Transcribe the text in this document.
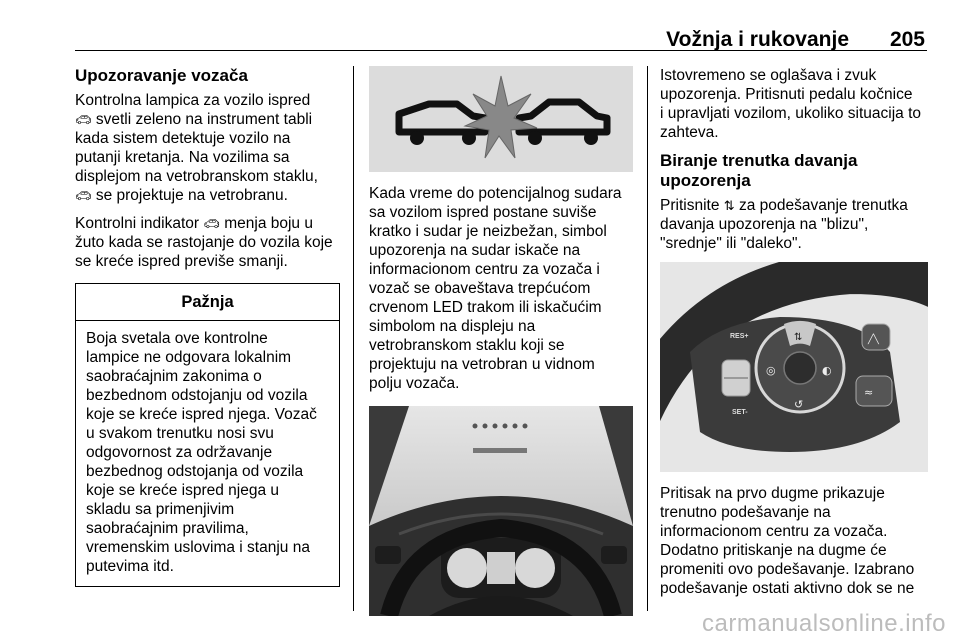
Vožnja i rukovanje 205
Upozoravanje vozača

Kontrolna lampica za vozilo ispred
🚗︎ svetli zeleno na instrument tabli
kada sistem detektuje vozilo na
putanji kretanja. Na vozilima sa
displejom na vetrobranskom staklu,
🚗︎ se projektuje na vetrobranu.

Kontrolni indikator 🚗︎ menja boju u
žuto kada se rastojanje do vozila koje
se kreće ispred previše smanji.

Pažnja
Boja svetala ove kontrolne
lampice ne odgovara lokalnim
saobraćajnim zakonima o
bezbednom odstojanju od vozila
koje se kreće ispred njega. Vozač
u svakom trenutku nosi svu
odgovornost za održavanje
bezbednog odstojanja od vozila
koje se kreće ispred njega u
skladu sa primenjivim
saobraćajnim pravilima,
vremenskim uslovima i stanju na
putevima itd.

Kada vreme do potencijalnog sudara
sa vozilom ispred postane suviše
kratko i sudar je neizbežan, simbol
upozorenja na sudar iskače na
informacionom centru za vozača i
vozač se obaveštava trepćućom
crvenom LED trakom ili iskačućim
simbolom na displeju na
vetrobranskom staklu koji se
projektuju na vetrobran u vidnom
polju vozača.

Istovremeno se oglašava i zvuk
upozorenja. Pritisnuti pedalu kočnice
i upravljati vozilom, ukoliko situacija to
zahteva.

Biranje trenutka davanja
upozorenja

Pritisnite ⇅ za podešavanje trenutka
davanja upozorenja na "blizu",
"srednje" ili "daleko".

RES+
SET-
⇅
◎	◐
↺
╱╲
≈

Pritisak na prvo dugme prikazuje
trenutno podešavanje na
informacionom centru za vozača.
Dodatno pritiskanje na dugme će
promeniti ovo podešavanje. Izabrano
podešavanje ostati aktivno dok se ne

carmanualsonline.info
